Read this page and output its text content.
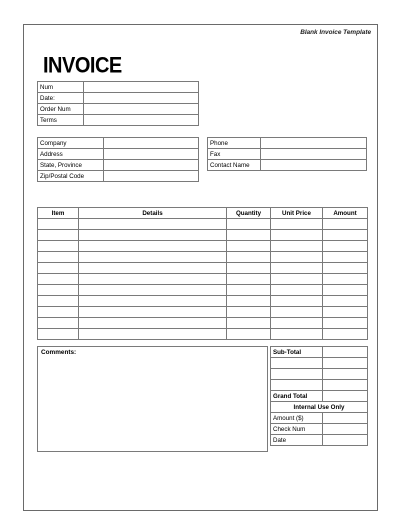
Blank Invoice Template
INVOICE
Num	
Date:	
Order Num	
Terms	
Company	
Address	
State, Province	
Zip/Postal Code	
Phone	
Fax	
Contact Name	
Item	Details	Quantity	Unit Price	Amount

Comments:	Sub-Total	

Grand Total	
Internal Use Only	
Amount ($)	
Check Num	
Date	
